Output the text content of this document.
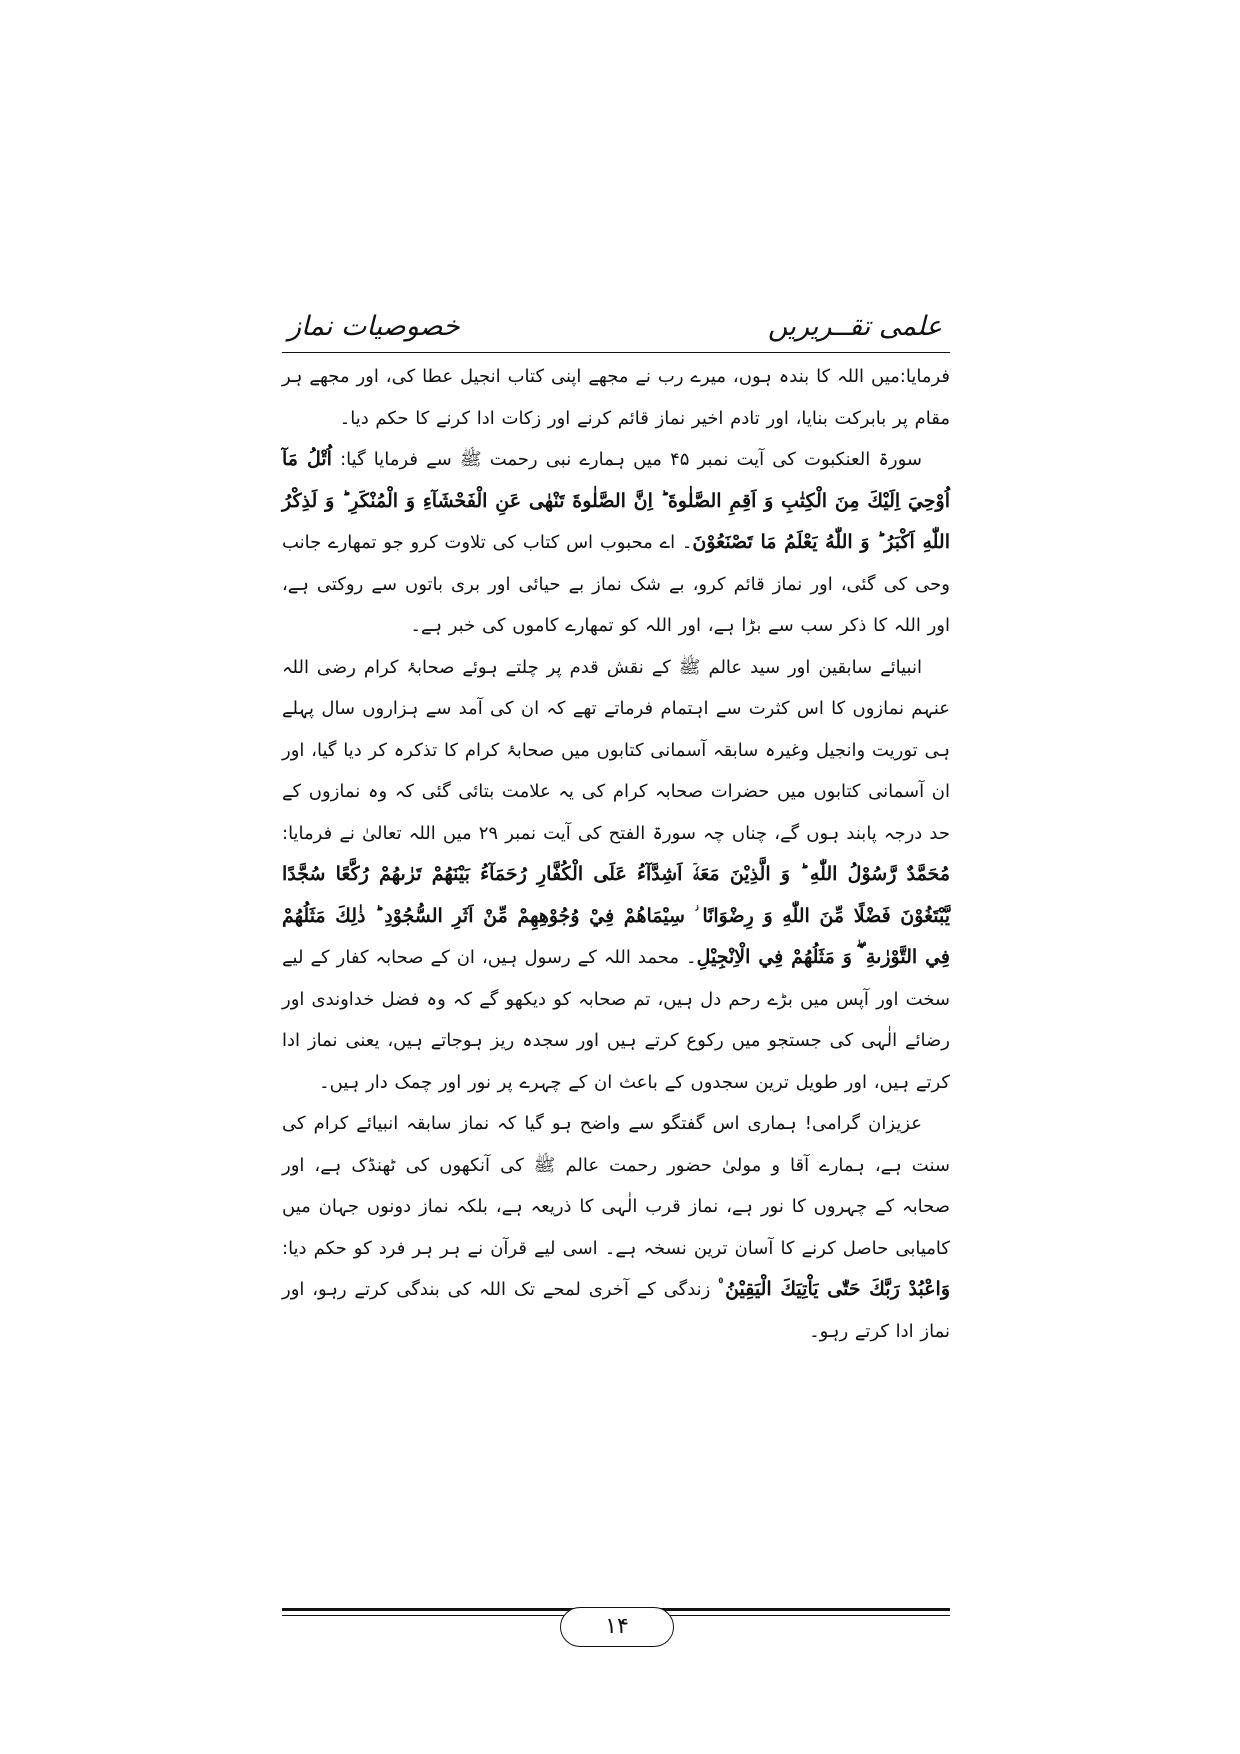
علمی تقــریریں
خصوصیات نماز

فرمایا:میں اللہ کا بندہ ہوں، میرے رب نے مجھے اپنی کتاب انجیل عطا کی، اور مجھے ہر مقام پر بابرکت بنایا، اور تادم اخیر نماز قائم کرنے اور زکات ادا کرنے کا حکم دیا۔

سورۃ العنکبوت کی آیت نمبر ۴۵ میں ہمارے نبی رحمت ﷺ سے فرمایا گیا: اُتْلُ مَآ اُوْحِيَ اِلَيْكَ مِنَ الْكِتٰبِ وَ اَقِمِ الصَّلٰوةَ ؕ اِنَّ الصَّلٰوةَ تَنْهٰى عَنِ الْفَحْشَآءِ وَ الْمُنْكَرِ ؕ وَ لَذِكْرُ اللّٰهِ اَكْبَرُ ؕ وَ اللّٰهُ يَعْلَمُ مَا تَصْنَعُوْنَ۔ اے محبوب اس کتاب کی تلاوت کرو جو تمھارے جانب وحی کی گئی، اور نماز قائم کرو، بے شک نماز بے حیائی اور بری باتوں سے روکتی ہے، اور اللہ کا ذکر سب سے بڑا ہے، اور اللہ کو تمھارے کاموں کی خبر ہے۔

انبیائے سابقین اور سید عالم ﷺ کے نقش قدم پر چلتے ہوئے صحابۂ کرام رضی اللہ عنہم نمازوں کا اس کثرت سے اہتمام فرماتے تھے کہ ان کی آمد سے ہزاروں سال پہلے ہی توریت وانجیل وغیرہ سابقہ آسمانی کتابوں میں صحابۂ کرام کا تذکرہ کر دیا گیا، اور ان آسمانی کتابوں میں حضرات صحابہ کرام کی یہ علامت بتائی گئی کہ وہ نمازوں کے حد درجہ پابند ہوں گے، چناں چہ سورۃ الفتح کی آیت نمبر ۲۹ میں اللہ تعالیٰ نے فرمایا: مُحَمَّدٌ رَّسُوْلُ اللّٰهِ ؕ وَ الَّذِيْنَ مَعَهٗۤ اَشِدَّآءُ عَلَى الْكُفَّارِ رُحَمَآءُ بَيْنَهُمْ تَرٰىهُمْ رُكَّعًا سُجَّدًا يَّبْتَغُوْنَ فَضْلًا مِّنَ اللّٰهِ وَ رِضْوَانًا ؗ سِيْمَاهُمْ فِيْ وُجُوْهِهِمْ مِّنْ اَثَرِ السُّجُوْدِ ؕ ذٰلِكَ مَثَلُهُمْ فِي التَّوْرٰىةِ ۛۖ وَ مَثَلُهُمْ فِي الْاِنْجِيْلِ۔ محمد اللہ کے رسول ہیں، ان کے صحابہ کفار کے لیے سخت اور آپس میں بڑے رحم دل ہیں، تم صحابہ کو دیکھو گے کہ وہ فضل خداوندی اور رضائے الٰہی کی جستجو میں رکوع کرتے ہیں اور سجدہ ریز ہوجاتے ہیں، یعنی نماز ادا کرتے ہیں، اور طویل ترین سجدوں کے باعث ان کے چہرے پر نور اور چمک دار ہیں۔

عزیزان گرامی! ہماری اس گفتگو سے واضح ہو گیا کہ نماز سابقہ انبیائے کرام کی سنت ہے، ہمارے آقا و مولیٰ حضور رحمت عالم ﷺ کی آنکھوں کی ٹھنڈک ہے، اور صحابہ کے چہروں کا نور ہے، نماز قرب الٰہی کا ذریعہ ہے، بلکہ نماز دونوں جہان میں کامیابی حاصل کرنے کا آسان ترین نسخہ ہے۔ اسی لیے قرآن نے ہر ہر فرد کو حکم دیا: وَاعْبُدْ رَبَّكَ حَتّٰى يَاْتِيَكَ الْيَقِيْنُ ۠ زندگی کے آخری لمحے تک اللہ کی بندگی کرتے رہو، اور نماز ادا کرتے رہو۔

۱۴
